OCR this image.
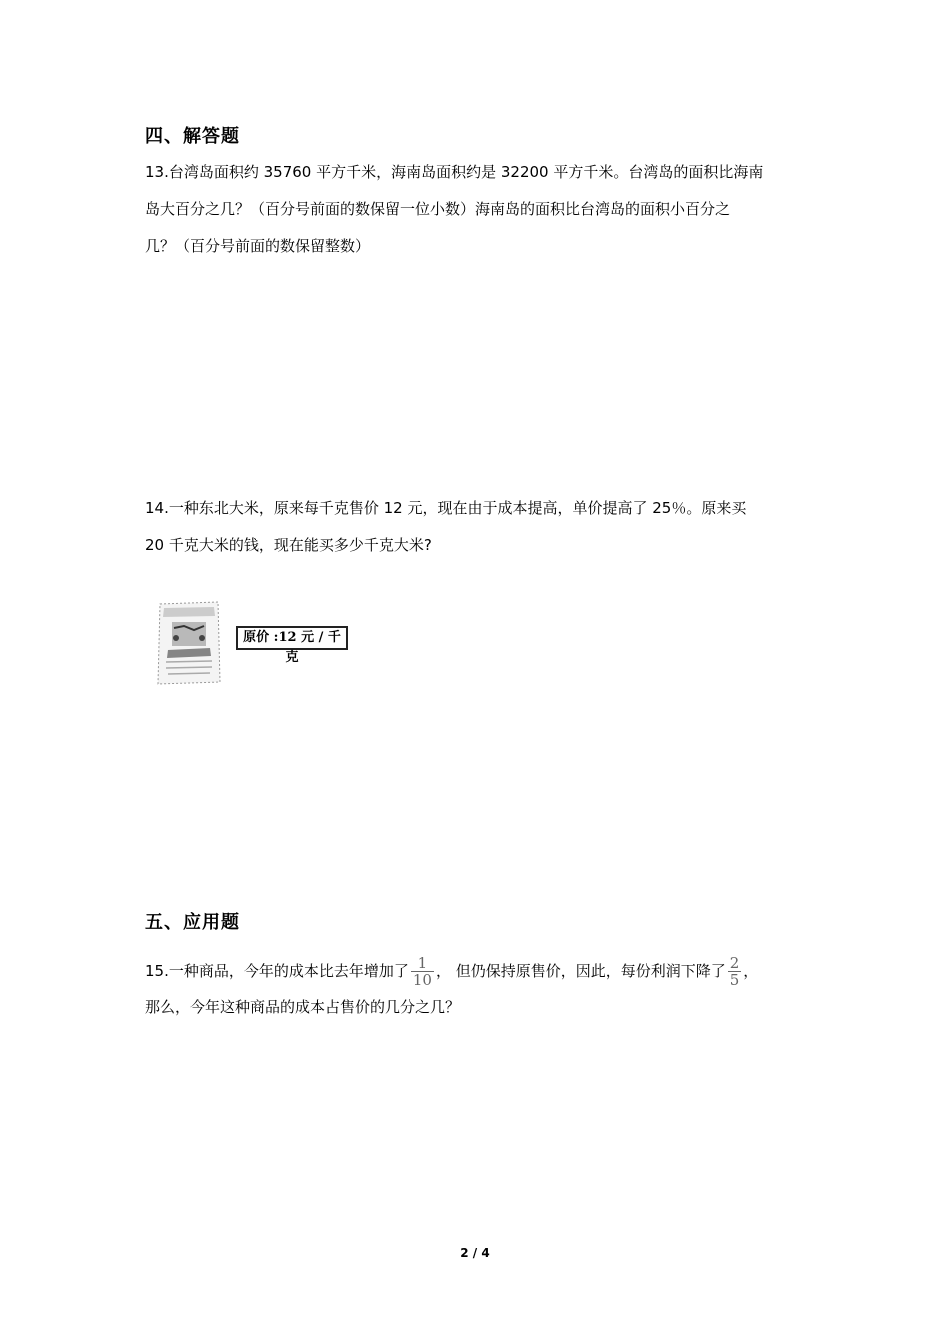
四、解答题
13.台湾岛面积约 35760 平方千米，海南岛面积约是 32200 平方千米。台湾岛的面积比海南
岛大百分之几？（百分号前面的数保留一位小数）海南岛的面积比台湾岛的面积小百分之
几？（百分号前面的数保留整数）
14.一种东北大米，原来每千克售价 12 元，现在由于成本提高，单价提高了 25％。原来买
20 千克大米的钱，现在能买多少千克大米?
原价 :12 元 / 千克
五、应用题
15.一种商品，今年的成本比去年增加了 $\frac{1}{10}$ ， 但仍保持原售价，因此，每份利润下降了 $\frac{2}{5}$ ，
那么，今年这种商品的成本占售价的几分之几？
2 / 4
